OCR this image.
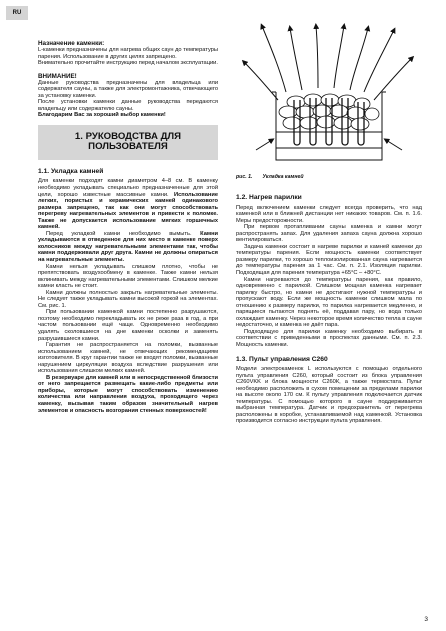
RU
Назначение каменки:
L-каменки предназначены для нагрева общих саун до температуры парения. Использование в других целях запрещено.
Внимательно прочитайте инструкцию перед началом эксплуатации.
ВНИМАНИЕ!
Данные руководства предназначены для владельца или содержателя сауны, а также для электромонтажника, отвечающего за установку каменки.
После установки каменки данные руководства передаются владельцу или содержателю сауны.
Благодарим Вас за хороший выбор каменки!
1. РУКОВОДСТВА ДЛЯ
ПОЛЬЗОВАТЕЛЯ
1.1. Укладка камней
Для каменки подходят камни диаметром 4–8 см. В каменку необходимо укладывать специально предназначенные для этой цели, хорошо известные массивные камни. Использование легких, пористых и керамических камней одинакового размера запрещено, так как они могут способствовать перегреву нагревательных элементов и привести к поломке. Также не допускается использование мягких горшечных камней.
Перед укладкой камни необходимо вымыть. Камни укладываются в отведенное для них место в каменке поверх колосников между нагревательными элементами так, чтобы камни поддерживали друг друга. Камни не должны опираться на нагревательные элементы.
Камни нельзя укладывать слишком плотно, чтобы не препятствовать воздухообмену в каменке. Также камни нельзя вклинивать между нагревательными элементами. Слишком мелкие камни класть не стоит.
Камни должны полностью закрыть нагревательные элементы. Не следует также укладывать камни высокой горкой на элементах. См. рис. 1.
При пользовании каменкой камни постепенно разрушаются, поэтому необходимо перекладывать их не реже раза в год, а при частом пользовании ещё чаще. Одновременно необходимо удалять сколовшиеся на дне каменки осколки и заменять разрушившиеся камни.
Гарантия не распространяется на поломки, вызванные использованием камней, не отвечающих рекомендациям изготовителя. В круг гарантии также не входят поломки, вызванные нарушением циркуляции воздуха вследствие разрушения или использования слишком мелких камней.
В резервуаре для камней или в непосредственной близости от него запрещается размещать какие-либо предметы или приборы, которые могут способствовать изменению количества или направления воздуха, проходящего через каменку, вызывая таким образом значительный нагрев элементов и опасность возгорания стенных поверхностей!
рис. 1. Укладка камней
1.2. Нагрев парилки
Перед включением каменки следует всегда проверить, что над каменкой или в ближней дистанции нет никаких товаров. См. п. 1.6. Меры предосторожности.
При первом протапливании сауны каменка и камни могут распространять запах. Для удаления запаха сауна должна хорошо вентилироваться.
Задача каменки состоит в нагреве парилки и камней каменки до температуры парения. Если мощность каменки соответствует размеру парилки, то хорошо теплоизолированная сауна нагревается до температуры парения за 1 час. См. п. 2.1. Изоляция парилки. Подходящая для парения температура +65°C – +80°C.
Камни нагреваются до температуры парения, как правило, одновременно с парилкой. Слишком мощная каменка нагревает парилку быстро, но камни не достигают нужной температуры и пропускают воду. Если же мощность каменки слишком мала по отношению к размеру парилки, то парилка нагревается медленно, и парящиеся пытаются поднять её, поддавая пару, но вода только охлаждает каменку. Через некоторое время количество тепла в сауне недостаточно, и каменка не даёт пара.
Подходящую для парилки каменку необходимо выбирать в соответствии с приведенными в проспектах данными. См. п. 2.3. Мощность каменки.
1.3. Пульт управления C260
Модели электрокаменок L используются с помощью отдельного пульта управления С260, который состоит из блока управления С260VKK и блока мощности С260К, а также термостата. Пульт необходимо расположить в сухом помещении за пределами парилки на высоте около 170 см. К пульту управления подключается датчик температуры. С помощью которого в сауне поддерживается выбранная температура. Датчик и предохранитель от перегрева расположены в коробке, устанавливаемой над каменкой. Установка производится согласно инструкции пульта управления.
3
